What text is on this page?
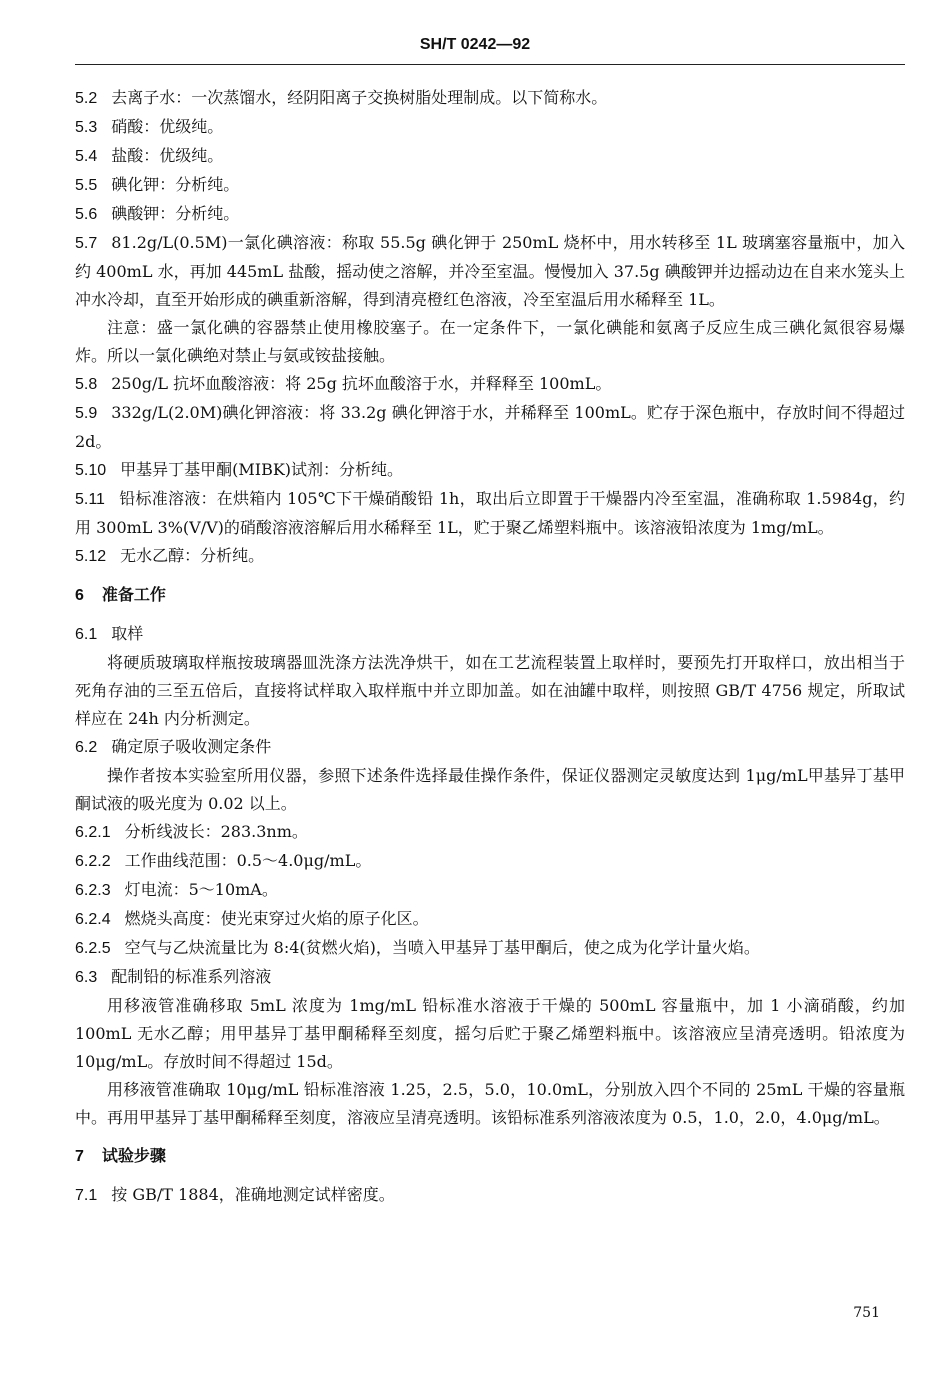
SH/T 0242—92

5.2 去离子水：一次蒸馏水，经阴阳离子交换树脂处理制成。以下简称水。

5.3 硝酸：优级纯。

5.4 盐酸：优级纯。

5.5 碘化钾：分析纯。

5.6 碘酸钾：分析纯。

5.7 81.2g/L(0.5M)一氯化碘溶液：称取 55.5g 碘化钾于 250mL 烧杯中，用水转移至 1L 玻璃塞容量瓶中，加入约 400mL 水，再加 445mL 盐酸，摇动使之溶解，并冷至室温。慢慢加入 37.5g 碘酸钾并边摇动边在自来水笼头上冲水冷却，直至开始形成的碘重新溶解，得到清亮橙红色溶液，冷至室温后用水稀释至 1L。

注意：盛一氯化碘的容器禁止使用橡胶塞子。在一定条件下，一氯化碘能和氨离子反应生成三碘化氮很容易爆炸。所以一氯化碘绝对禁止与氨或铵盐接触。

5.8 250g/L 抗坏血酸溶液：将 25g 抗坏血酸溶于水，并释释至 100mL。

5.9 332g/L(2.0M)碘化钾溶液：将 33.2g 碘化钾溶于水，并稀释至 100mL。贮存于深色瓶中，存放时间不得超过 2d。

5.10 甲基异丁基甲酮(MIBK)试剂：分析纯。

5.11 铅标准溶液：在烘箱内 105℃下干燥硝酸铅 1h，取出后立即置于干燥器内冷至室温，准确称取 1.5984g，约用 300mL 3%(V/V)的硝酸溶液溶解后用水稀释至 1L，贮于聚乙烯塑料瓶中。该溶液铅浓度为 1mg/mL。

5.12 无水乙醇：分析纯。

6 准备工作

6.1 取样

将硬质玻璃取样瓶按玻璃器皿洗涤方法洗净烘干，如在工艺流程装置上取样时，要预先打开取样口，放出相当于死角存油的三至五倍后，直接将试样取入取样瓶中并立即加盖。如在油罐中取样，则按照 GB/T 4756 规定，所取试样应在 24h 内分析测定。

6.2 确定原子吸收测定条件

操作者按本实验室所用仪器，参照下述条件选择最佳操作条件，保证仪器测定灵敏度达到 1μg/mL甲基异丁基甲酮试液的吸光度为 0.02 以上。

6.2.1 分析线波长：283.3nm。

6.2.2 工作曲线范围：0.5～4.0μg/mL。

6.2.3 灯电流：5～10mA。

6.2.4 燃烧头高度：使光束穿过火焰的原子化区。

6.2.5 空气与乙炔流量比为 8:4(贫燃火焰)，当喷入甲基异丁基甲酮后，使之成为化学计量火焰。

6.3 配制铅的标准系列溶液

用移液管准确移取 5mL 浓度为 1mg/mL 铅标准水溶液于干燥的 500mL 容量瓶中，加 1 小滴硝酸，约加 100mL 无水乙醇；用甲基异丁基甲酮稀释至刻度，摇匀后贮于聚乙烯塑料瓶中。该溶液应呈清亮透明。铅浓度为 10μg/mL。存放时间不得超过 15d。

用移液管准确取 10μg/mL 铅标准溶液 1.25，2.5，5.0，10.0mL，分别放入四个不同的 25mL 干燥的容量瓶中。再用甲基异丁基甲酮稀释至刻度，溶液应呈清亮透明。该铅标准系列溶液浓度为 0.5，1.0，2.0，4.0μg/mL。

7 试验步骤

7.1 按 GB/T 1884，准确地测定试样密度。

751
